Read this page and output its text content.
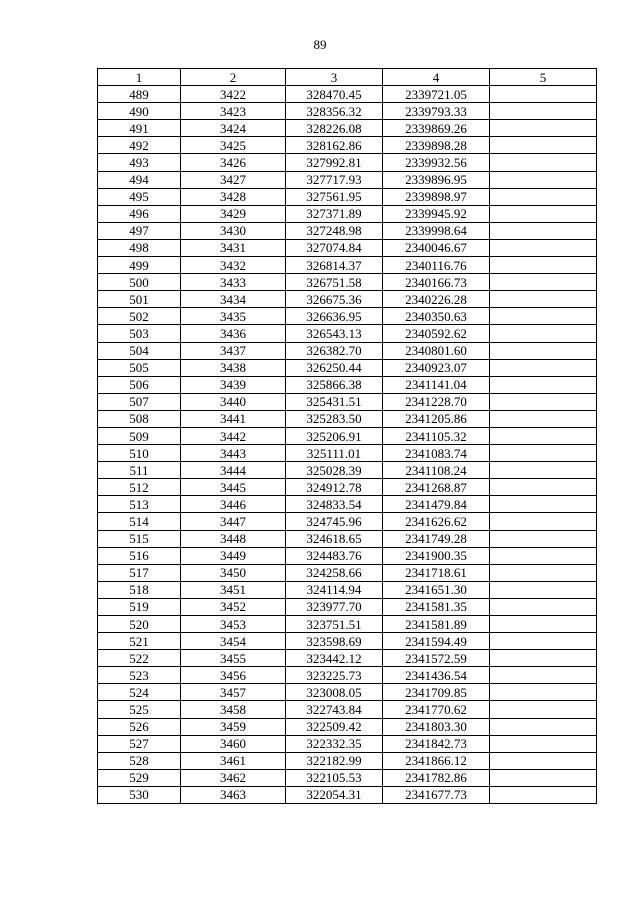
89
1	2	3	4	5
489	3422	328470.45	2339721.05	
490	3423	328356.32	2339793.33	
491	3424	328226.08	2339869.26	
492	3425	328162.86	2339898.28	
493	3426	327992.81	2339932.56	
494	3427	327717.93	2339896.95	
495	3428	327561.95	2339898.97	
496	3429	327371.89	2339945.92	
497	3430	327248.98	2339998.64	
498	3431	327074.84	2340046.67	
499	3432	326814.37	2340116.76	
500	3433	326751.58	2340166.73	
501	3434	326675.36	2340226.28	
502	3435	326636.95	2340350.63	
503	3436	326543.13	2340592.62	
504	3437	326382.70	2340801.60	
505	3438	326250.44	2340923.07	
506	3439	325866.38	2341141.04	
507	3440	325431.51	2341228.70	
508	3441	325283.50	2341205.86	
509	3442	325206.91	2341105.32	
510	3443	325111.01	2341083.74	
511	3444	325028.39	2341108.24	
512	3445	324912.78	2341268.87	
513	3446	324833.54	2341479.84	
514	3447	324745.96	2341626.62	
515	3448	324618.65	2341749.28	
516	3449	324483.76	2341900.35	
517	3450	324258.66	2341718.61	
518	3451	324114.94	2341651.30	
519	3452	323977.70	2341581.35	
520	3453	323751.51	2341581.89	
521	3454	323598.69	2341594.49	
522	3455	323442.12	2341572.59	
523	3456	323225.73	2341436.54	
524	3457	323008.05	2341709.85	
525	3458	322743.84	2341770.62	
526	3459	322509.42	2341803.30	
527	3460	322332.35	2341842.73	
528	3461	322182.99	2341866.12	
529	3462	322105.53	2341782.86	
530	3463	322054.31	2341677.73	
